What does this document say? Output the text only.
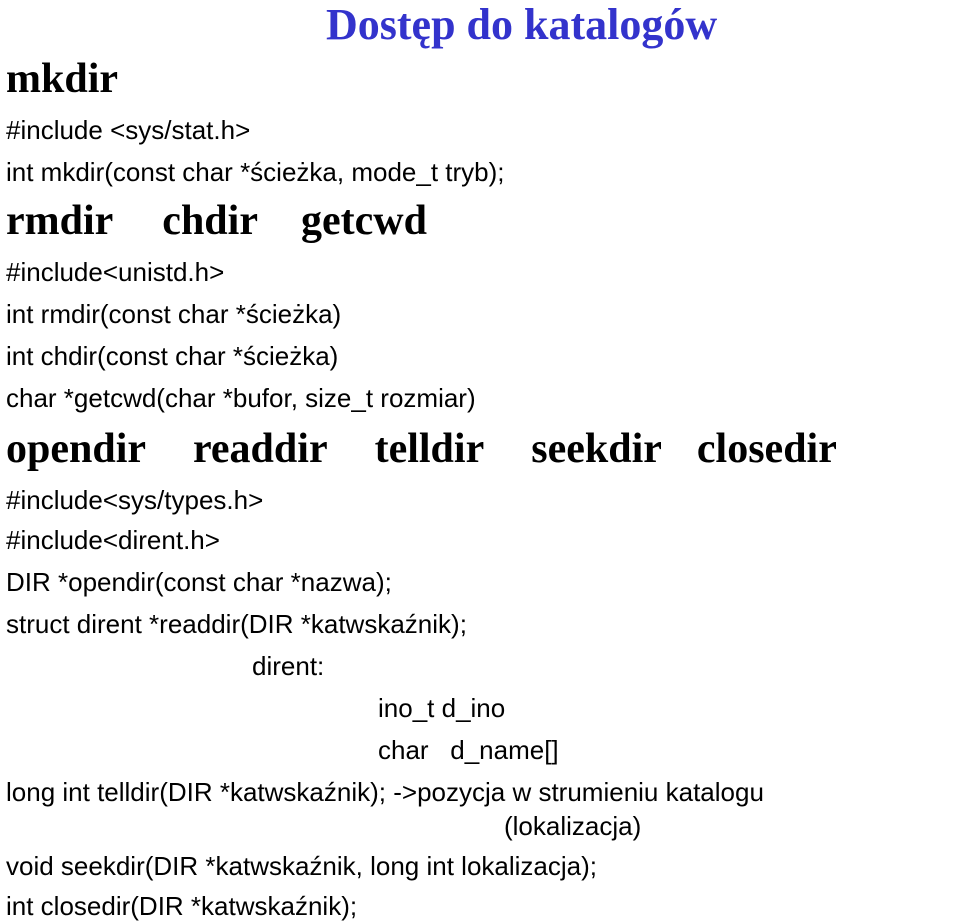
Dostęp do katalogów
mkdir
#include <sys/stat.h>
int mkdir(const char *ścieżka, mode_t tryb);
rmdir chdir getcwd
#include<unistd.h>
int rmdir(const char *ścieżka)
int chdir(const char *ścieżka)
char *getcwd(char *bufor, size_t rozmiar)
opendir readdir telldir seekdir closedir
#include<sys/types.h>
#include<dirent.h>
DIR *opendir(const char *nazwa);
struct dirent *readdir(DIR *katwskaźnik);
dirent:
ino_t d_ino
char   d_name[]
long int telldir(DIR *katwskaźnik); ->pozycja w strumieniu katalogu
(lokalizacja)
void seekdir(DIR *katwskaźnik, long int lokalizacja);
int closedir(DIR *katwskaźnik);
